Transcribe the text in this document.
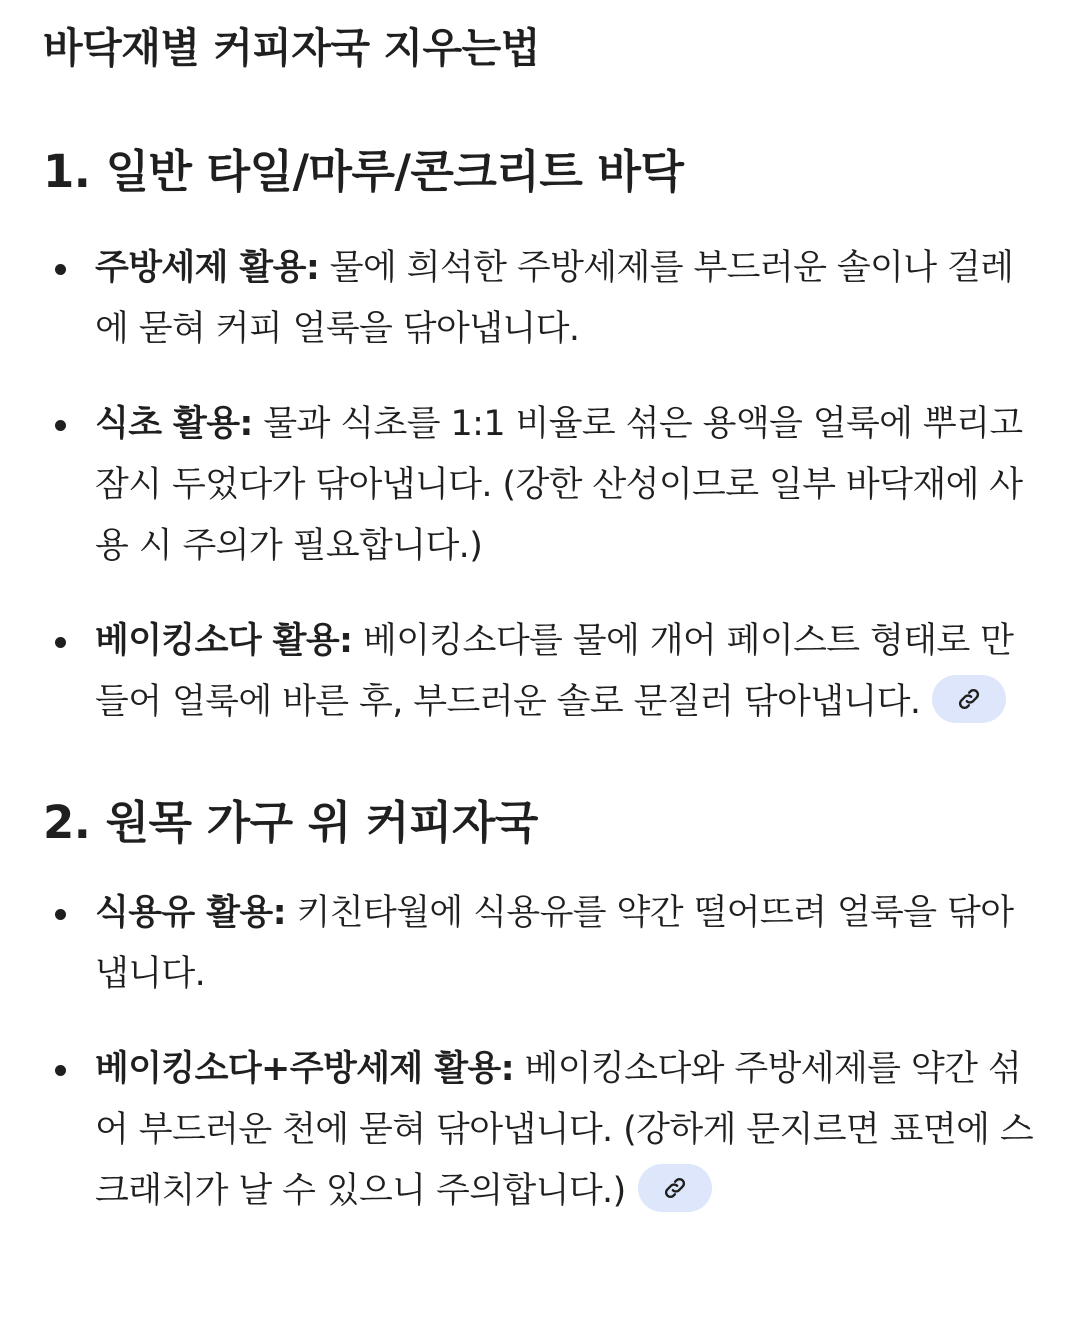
바닥재별 커피자국 지우는법
1. 일반 타일/마루/콘크리트 바닥
주방세제 활용: 물에 희석한 주방세제를 부드러운 솔이나 걸레에 묻혀 커피 얼룩을 닦아냅니다.
식초 활용: 물과 식초를 1:1 비율로 섞은 용액을 얼룩에 뿌리고 잠시 두었다가 닦아냅니다. (강한 산성이므로 일부 바닥재에 사용 시 주의가 필요합니다.)
베이킹소다 활용: 베이킹소다를 물에 개어 페이스트 형태로 만들어 얼룩에 바른 후, 부드러운 솔로 문질러 닦아냅니다.
2. 원목 가구 위 커피자국
식용유 활용: 키친타월에 식용유를 약간 떨어뜨려 얼룩을 닦아냅니다.
베이킹소다+주방세제 활용: 베이킹소다와 주방세제를 약간 섞어 부드러운 천에 묻혀 닦아냅니다. (강하게 문지르면 표면에 스크래치가 날 수 있으니 주의합니다.)
